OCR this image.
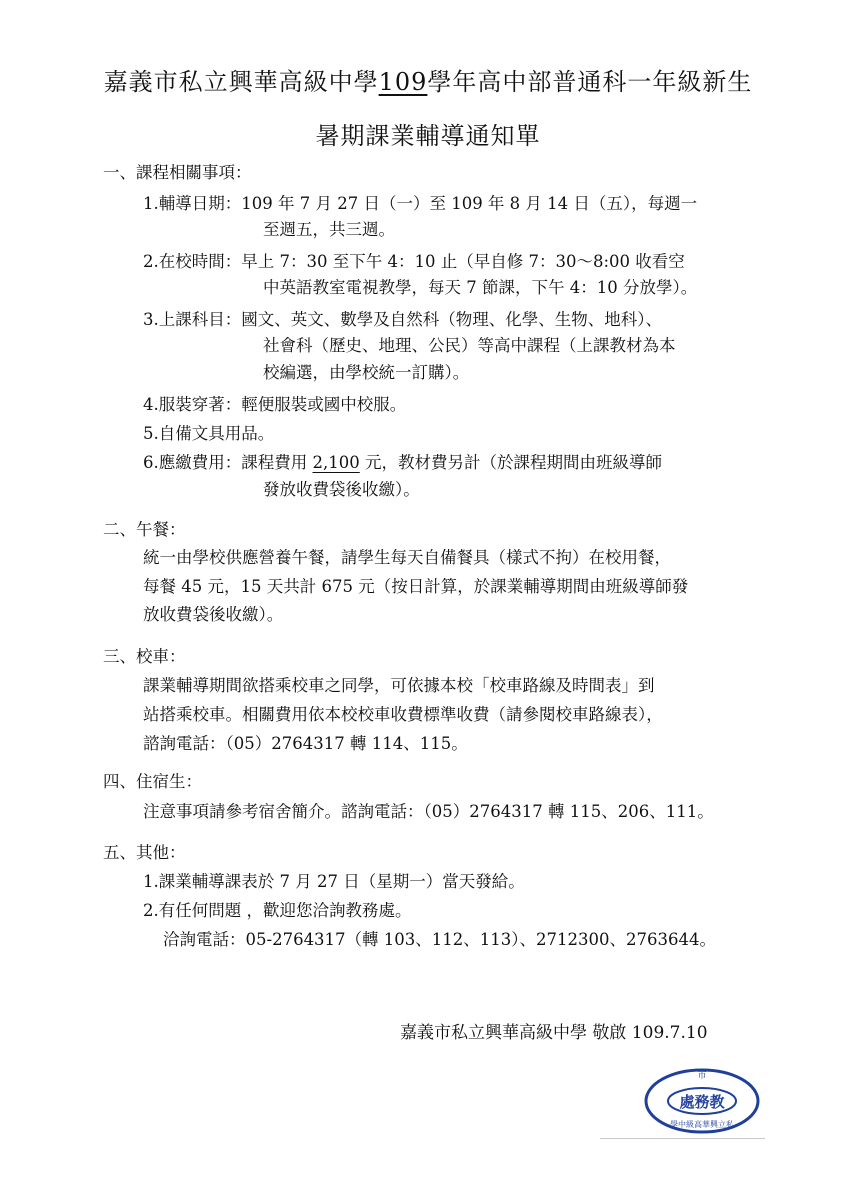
嘉義市私立興華高級中學109學年高中部普通科一年級新生
暑期課業輔導通知單
一、課程相關事項：
1.輔導日期：109 年 7 月 27 日（一）至 109 年 8 月 14 日（五），每週一
至週五，共三週。
2.在校時間：早上 7：30 至下午 4：10 止（早自修 7：30～8:00 收看空
中英語教室電視教學，每天 7 節課，下午 4：10 分放學）。
3.上課科目：國文、英文、數學及自然科（物理、化學、生物、地科）、
社會科（歷史、地理、公民）等高中課程（上課教材為本
校編選，由學校統一訂購）。
4.服裝穿著：輕便服裝或國中校服。
5.自備文具用品。
6.應繳費用：課程費用 2,100 元，教材費另計（於課程期間由班級導師
發放收費袋後收繳）。
二、午餐：
統一由學校供應營養午餐，請學生每天自備餐具（樣式不拘）在校用餐，
每餐 45 元，15 天共計 675 元（按日計算，於課業輔導期間由班級導師發
放收費袋後收繳）。
三、校車：
課業輔導期間欲搭乘校車之同學，可依據本校「校車路線及時間表」到
站搭乘校車。相關費用依本校校車收費標準收費（請參閱校車路線表），
諮詢電話：（05）2764317 轉 114、115。
四、住宿生：
注意事項請參考宿舍簡介。諮詢電話：（05）2764317 轉 115、206、111。
五、其他：
1.課業輔導課表於 7 月 27 日（星期一）當天發給。
2.有任何問題 ，歡迎您洽詢教務處。
洽詢電話：05-2764317（轉 103、112、113）、2712300、2763644。
嘉義市私立興華高級中學 敬啟 109.7.10
市
處務教
學中級高華興立私
